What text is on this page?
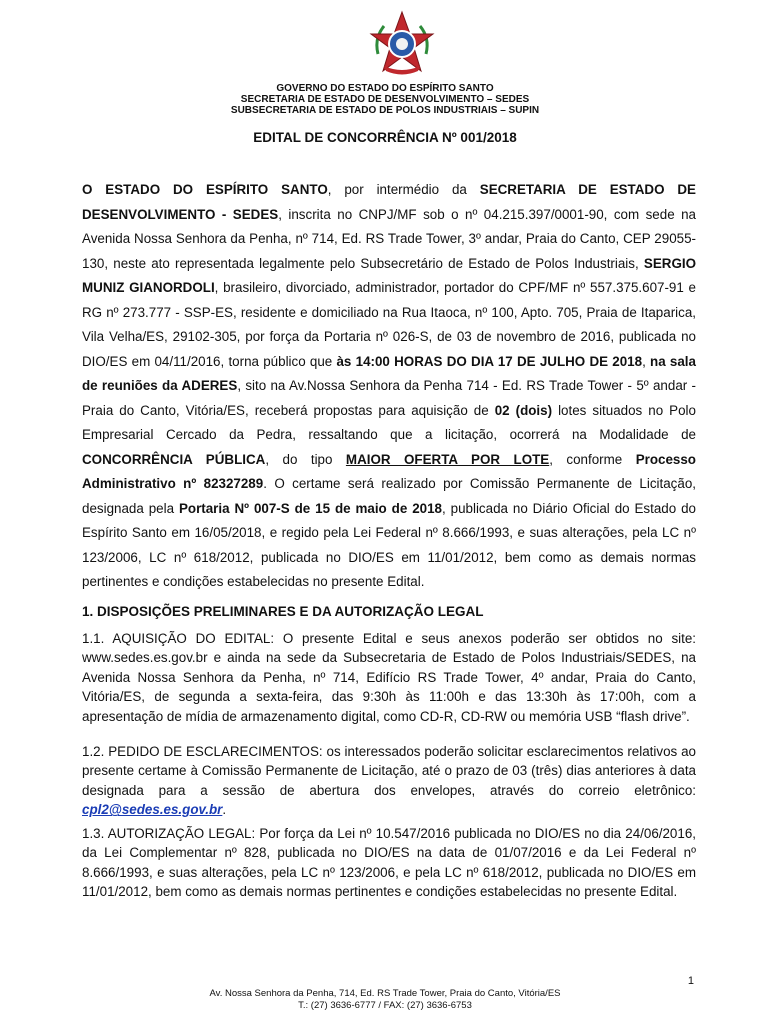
GOVERNO DO ESTADO DO ESPÍRITO SANTO
SECRETARIA DE ESTADO DE DESENVOLVIMENTO – SEDES
SUBSECRETARIA DE ESTADO DE POLOS INDUSTRIAIS – SUPIN
EDITAL DE CONCORRÊNCIA Nº 001/2018

O ESTADO DO ESPÍRITO SANTO, por intermédio da SECRETARIA DE ESTADO DE DESENVOLVIMENTO - SEDES, inscrita no CNPJ/MF sob o nº 04.215.397/0001-90, com sede na Avenida Nossa Senhora da Penha, nº 714, Ed. RS Trade Tower, 3º andar, Praia do Canto, CEP 29055-130, neste ato representada legalmente pelo Subsecretário de Estado de Polos Industriais, SERGIO MUNIZ GIANORDOLI, brasileiro, divorciado, administrador, portador do CPF/MF nº 557.375.607-91 e RG nº 273.777 - SSP-ES, residente e domiciliado na Rua Itaoca, nº 100, Apto. 705, Praia de Itaparica, Vila Velha/ES, 29102-305, por força da Portaria nº 026-S, de 03 de novembro de 2016, publicada no DIO/ES em 04/11/2016, torna público que às 14:00 HORAS DO DIA 17 DE JULHO DE 2018, na sala de reuniões da ADERES, sito na Av.Nossa Senhora da Penha 714 - Ed. RS Trade Tower - 5º andar - Praia do Canto, Vitória/ES, receberá propostas para aquisição de 02 (dois) lotes situados no Polo Empresarial Cercado da Pedra, ressaltando que a licitação, ocorrerá na Modalidade de CONCORRÊNCIA PÚBLICA, do tipo MAIOR OFERTA POR LOTE, conforme Processo Administrativo nº 82327289. O certame será realizado por Comissão Permanente de Licitação, designada pela Portaria Nº 007-S de 15 de maio de 2018, publicada no Diário Oficial do Estado do Espírito Santo em 16/05/2018, e regido pela Lei Federal nº 8.666/1993, e suas alterações, pela LC nº 123/2006, LC nº 618/2012, publicada no DIO/ES em 11/01/2012, bem como as demais normas pertinentes e condições estabelecidas no presente Edital.

1. DISPOSIÇÕES PRELIMINARES E DA AUTORIZAÇÃO LEGAL

1.1. AQUISIÇÃO DO EDITAL: O presente Edital e seus anexos poderão ser obtidos no site: www.sedes.es.gov.br e ainda na sede da Subsecretaria de Estado de Polos Industriais/SEDES, na Avenida Nossa Senhora da Penha, nº 714, Edifício RS Trade Tower, 4º andar, Praia do Canto, Vitória/ES, de segunda a sexta-feira, das 9:30h às 11:00h e das 13:30h às 17:00h, com a apresentação de mídia de armazenamento digital, como CD-R, CD-RW ou memória USB “flash drive”.

1.2. PEDIDO DE ESCLARECIMENTOS: os interessados poderão solicitar esclarecimentos relativos ao presente certame à Comissão Permanente de Licitação, até o prazo de 03 (três) dias anteriores à data designada para a sessão de abertura dos envelopes, através do correio eletrônico: cpl2@sedes.es.gov.br.

1.3. AUTORIZAÇÃO LEGAL: Por força da Lei nº 10.547/2016 publicada no DIO/ES no dia 24/06/2016, da Lei Complementar nº 828, publicada no DIO/ES na data de 01/07/2016 e da Lei Federal nº 8.666/1993, e suas alterações, pela LC nº 123/2006, e pela LC nº 618/2012, publicada no DIO/ES em 11/01/2012, bem como as demais normas pertinentes e condições estabelecidas no presente Edital.

1
Av. Nossa Senhora da Penha, 714, Ed. RS Trade Tower, Praia do Canto, Vitória/ES
T.: (27) 3636-6777 / FAX: (27) 3636-6753
